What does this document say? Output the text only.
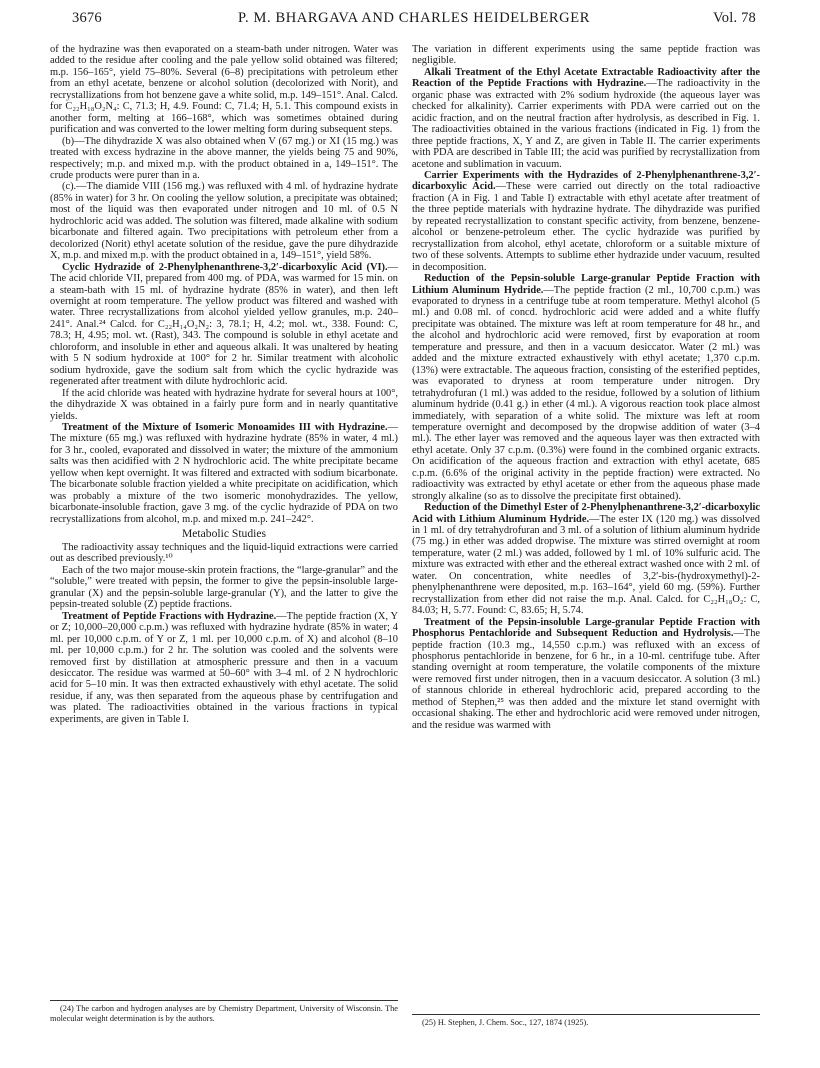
3676	P. M. BHARGAVA AND CHARLES HEIDELBERGER	Vol. 78

of the hydrazine was then evaporated on a steam-bath under nitrogen. Water was added to the residue after cooling and the pale yellow solid obtained was filtered; m.p. 156–165°, yield 75–80%. Several (6–8) precipitations with petroleum ether from an ethyl acetate, benzene or alcohol solution (decolorized with Norit), and recrystallizations from hot benzene gave a white solid, m.p. 149–151°. Anal. Calcd. for C₂₂H₁₈O₂N₄: C, 71.3; H, 4.9. Found: C, 71.4; H, 5.1. This compound exists in another form, melting at 166–168°, which was sometimes obtained during purification and was converted to the lower melting form during subsequent steps.

(b)—The dihydrazide X was also obtained when V (67 mg.) or XI (15 mg.) was treated with excess hydrazine in the above manner, the yields being 75 and 90%, respectively; m.p. and mixed m.p. with the product obtained in a, 149–151°. The crude products were purer than in a.

(c).—The diamide VIII (156 mg.) was refluxed with 4 ml. of hydrazine hydrate (85% in water) for 3 hr. On cooling the yellow solution, a precipitate was obtained; most of the liquid was then evaporated under nitrogen and 10 ml. of 0.5 N hydrochloric acid was added. The solution was filtered, made alkaline with sodium bicarbonate and filtered again. Two precipitations with petroleum ether from a decolorized (Norit) ethyl acetate solution of the residue, gave the pure dihydrazide X, m.p. and mixed m.p. with the product obtained in a, 149–151°, yield 58%.

Cyclic Hydrazide of 2-Phenylphenanthrene-3,2′-dicarboxylic Acid (VI).—The acid chloride VII, prepared from 400 mg. of PDA, was warmed for 15 min. on a steam-bath with 15 ml. of hydrazine hydrate (85% in water), and then left overnight at room temperature. The yellow product was filtered and washed with water. Three recrystallizations from alcohol yielded yellow granules, m.p. 240–241°. Anal.²⁴ Calcd. for C₂₂H₁₄O₂N₂: 3, 78.1; H, 4.2; mol. wt., 338. Found: C, 78.3; H, 4.95; mol. wt. (Rast), 343. The compound is soluble in ethyl acetate and chloroform, and insoluble in ether and aqueous alkali. It was unaltered by heating with 5 N sodium hydroxide at 100° for 2 hr. Similar treatment with alcoholic sodium hydroxide, gave the sodium salt from which the cyclic hydrazide was regenerated after treatment with dilute hydrochloric acid.

If the acid chloride was heated with hydrazine hydrate for several hours at 100°, the dihydrazide X was obtained in a fairly pure form and in nearly quantitative yields.

Treatment of the Mixture of Isomeric Monoamides III with Hydrazine.—The mixture (65 mg.) was refluxed with hydrazine hydrate (85% in water, 4 ml.) for 3 hr., cooled, evaporated and dissolved in water; the mixture of the ammonium salts was then acidified with 2 N hydrochloric acid. The white precipitate became yellow when kept overnight. It was filtered and extracted with sodium bicarbonate. The bicarbonate soluble fraction yielded a white precipitate on acidification, which was probably a mixture of the two isomeric monohydrazides. The yellow, bicarbonate-insoluble fraction, gave 3 mg. of the cyclic hydrazide of PDA on two recrystallizations from alcohol, m.p. and mixed m.p. 241–242°.

Metabolic Studies

The radioactivity assay techniques and the liquid-liquid extractions were carried out as described previously.¹⁰

Each of the two major mouse-skin protein fractions, the “large-granular” and the “soluble,” were treated with pepsin, the former to give the pepsin-insoluble large-granular (X) and the pepsin-soluble large-granular (Y), and the latter to give the pepsin-treated soluble (Z) peptide fractions.

Treatment of Peptide Fractions with Hydrazine.—The peptide fraction (X, Y or Z; 10,000–20,000 c.p.m.) was refluxed with hydrazine hydrate (85% in water; 4 ml. per 10,000 c.p.m. of Y or Z, 1 ml. per 10,000 c.p.m. of X) and alcohol (8–10 ml. per 10,000 c.p.m.) for 2 hr. The solution was cooled and the solvents were removed first by distillation at atmospheric pressure and then in a vacuum desiccator. The residue was warmed at 50–60° with 3–4 ml. of 2 N hydrochloric acid for 5–10 min. It was then extracted exhaustively with ethyl acetate. The solid residue, if any, was then separated from the aqueous phase by centrifugation and was plated. The radioactivities obtained in the various fractions in typical experiments, are given in Table I.

(24) The carbon and hydrogen analyses are by Chemistry Department, University of Wisconsin. The molecular weight determination is by the authors.

The variation in different experiments using the same peptide fraction was negligible.

Alkali Treatment of the Ethyl Acetate Extractable Radioactivity after the Reaction of the Peptide Fractions with Hydrazine.—The radioactivity in the organic phase was extracted with 2% sodium hydroxide (the aqueous layer was checked for alkalinity). Carrier experiments with PDA were carried out on the acidic fraction, and on the neutral fraction after hydrolysis, as described in Fig. 1. The radioactivities obtained in the various fractions (indicated in Fig. 1) from the three peptide fractions, X, Y and Z, are given in Table II. The carrier experiments with PDA are described in Table III; the acid was purified by recrystallization from acetone and sublimation in vacuum.

Carrier Experiments with the Hydrazides of 2-Phenylphenanthrene-3,2′-dicarboxylic Acid.—These were carried out directly on the total radioactive fraction (A in Fig. 1 and Table I) extractable with ethyl acetate after treatment of the three peptide materials with hydrazine hydrate. The dihydrazide was purified by repeated recrystallization to constant specific activity, from benzene, benzene-alcohol or benzene-petroleum ether. The cyclic hydrazide was purified by recrystallization from alcohol, ethyl acetate, chloroform or a suitable mixture of two of these solvents. Attempts to sublime ether hydrazide under vacuum, resulted in decomposition.

Reduction of the Pepsin-soluble Large-granular Peptide Fraction with Lithium Aluminum Hydride.—The peptide fraction (2 ml., 10,700 c.p.m.) was evaporated to dryness in a centrifuge tube at room temperature. Methyl alcohol (5 ml.) and 0.08 ml. of concd. hydrochloric acid were added and a white fluffy precipitate was obtained. The mixture was left at room temperature for 48 hr., and the alcohol and hydrochloric acid were removed, first by evaporation at room temperature and pressure, and then in a vacuum desiccator. Water (2 ml.) was added and the mixture extracted exhaustively with ethyl acetate; 1,370 c.p.m. (13%) were extractable. The aqueous fraction, consisting of the esterified peptides, was evaporated to dryness at room temperature under nitrogen. Dry tetrahydrofuran (1 ml.) was added to the residue, followed by a solution of lithium aluminum hydride (0.41 g.) in ether (4 ml.). A vigorous reaction took place almost immediately, with separation of a white solid. The mixture was left at room temperature overnight and decomposed by the dropwise addition of water (3–4 ml.). The ether layer was removed and the aqueous layer was then extracted with ethyl acetate. Only 37 c.p.m. (0.3%) were found in the combined organic extracts. On acidification of the aqueous fraction and extraction with ethyl acetate, 685 c.p.m. (6.6% of the original activity in the peptide fraction) were extracted. No radioactivity was extracted by ethyl acetate or ether from the aqueous phase made strongly alkaline (so as to dissolve the precipitate first obtained).

Reduction of the Dimethyl Ester of 2-Phenylphenanthrene-3,2′-dicarboxylic Acid with Lithium Aluminum Hydride.—The ester IX (120 mg.) was dissolved in 1 ml. of dry tetrahydrofuran and 3 ml. of a solution of lithium aluminum hydride (75 mg.) in ether was added dropwise. The mixture was stirred overnight at room temperature, water (2 ml.) was added, followed by 1 ml. of 10% sulfuric acid. The mixture was extracted with ether and the ethereal extract washed once with 2 ml. of water. On concentration, white needles of 3,2′-bis-(hydroxymethyl)-2-phenylphenanthrene were deposited, m.p. 163–164°, yield 60 mg. (59%). Further recrystallization from ether did not raise the m.p. Anal. Calcd. for C₂₂H₁₈O₂: C, 84.03; H, 5.77. Found: C, 83.65; H, 5.74.

Treatment of the Pepsin-insoluble Large-granular Peptide Fraction with Phosphorus Pentachloride and Subsequent Reduction and Hydrolysis.—The peptide fraction (10.3 mg., 14,550 c.p.m.) was refluxed with an excess of phosphorus pentachloride in benzene, for 6 hr., in a 10-ml. centrifuge tube. After standing overnight at room temperature, the volatile components of the mixture were removed first under nitrogen, then in a vacuum desiccator. A solution (3 ml.) of stannous chloride in ethereal hydrochloric acid, prepared according to the method of Stephen,²⁵ was then added and the mixture let stand overnight with occasional shaking. The ether and hydrochloric acid were removed under nitrogen, and the residue was warmed with

(25) H. Stephen, J. Chem. Soc., 127, 1874 (1925).
